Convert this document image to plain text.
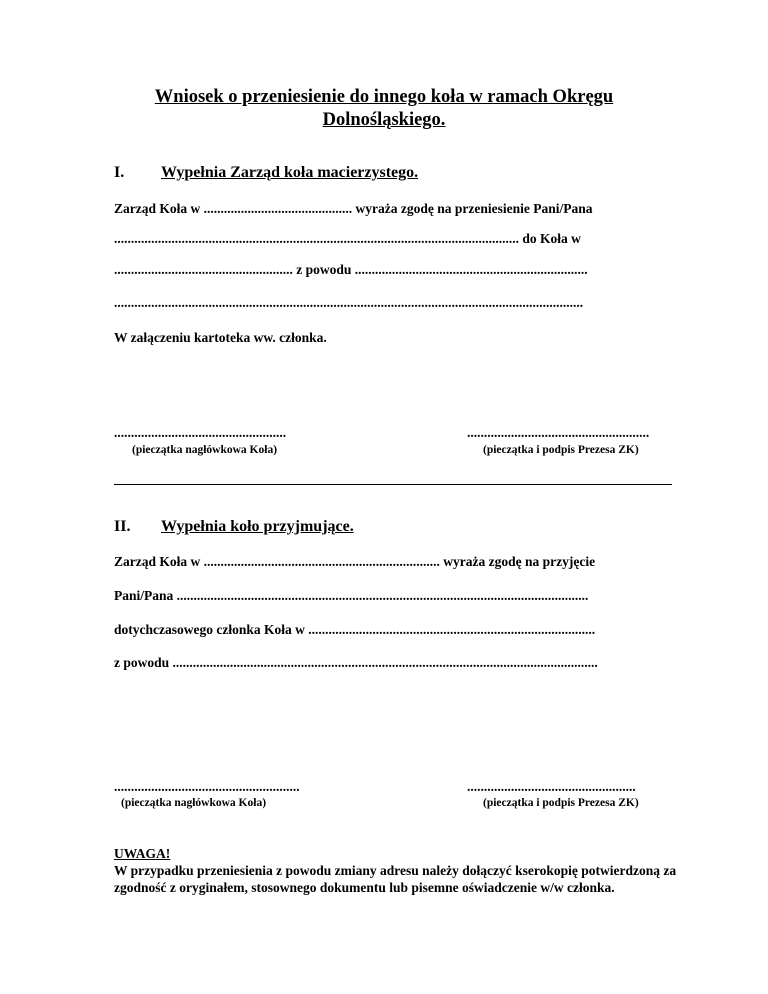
Wniosek o przeniesienie do innego koła w ramach Okręgu
Dolnośląskiego.
I. Wypełnia Zarząd koła macierzystego.
Zarząd Koła w ............................................ wyraża zgodę na przeniesienie Pani/Pana
........................................................................................................................ do Koła w
..................................................... z powodu .....................................................................
...........................................................................................................................................
W załączeniu kartoteka ww. członka.
...................................................
(pieczątka nagłówkowa Koła)
......................................................
(pieczątka i podpis Prezesa ZK)
II. Wypełnia koło przyjmujące.
Zarząd Koła w ...................................................................... wyraża zgodę na przyjęcie
Pani/Pana ..........................................................................................................................
dotychczasowego członka Koła w .....................................................................................
z powodu ..............................................................................................................................
.......................................................
(pieczątka nagłówkowa Koła)
..................................................
(pieczątka i podpis Prezesa ZK)
UWAGA!
W przypadku przeniesienia z powodu zmiany adresu należy dołączyć kserokopię potwierdzoną za zgodność z oryginałem, stosownego dokumentu lub pisemne oświadczenie w/w członka.
